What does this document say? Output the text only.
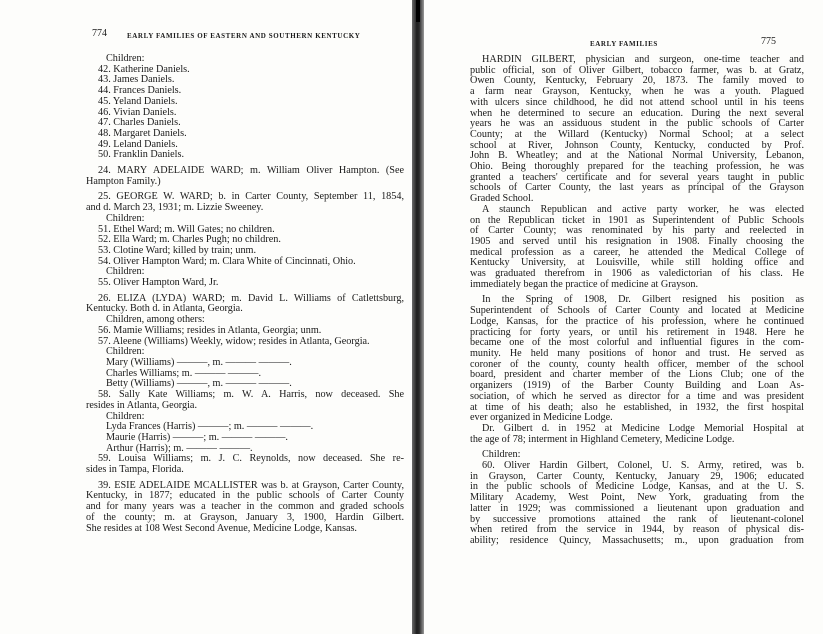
774	EARLY FAMILIES OF EASTERN AND SOUTHERN KENTUCKY
Children:
42. Katherine Daniels.
43. James Daniels.
44. Frances Daniels.
45. Yeland Daniels.
46. Vivian Daniels.
47. Charles Daniels.
48. Margaret Daniels.
49. Leland Daniels.
50. Franklin Daniels.
24. MARY ADELAIDE WARD; m. William Oliver Hampton. (See
Hampton Family.)
25. GEORGE W. WARD; b. in Carter County, September 11, 1854,
and d. March 23, 1931; m. Lizzie Sweeney.
Children:
51. Ethel Ward; m. Will Gates; no children.
52. Ella Ward; m. Charles Pugh; no children.
53. Clotine Ward; killed by train; unm.
54. Oliver Hampton Ward; m. Clara White of Cincinnati, Ohio.
Children:
55. Oliver Hampton Ward, Jr.
26. ELIZA (LYDA) WARD; m. David L. Williams of Catlettsburg,
Kentucky. Both d. in Atlanta, Georgia.
Children, among others:
56. Mamie Williams; resides in Atlanta, Georgia; unm.
57. Aleene (Williams) Weekly, widow; resides in Atlanta, Georgia.
Children:
Mary (Williams) ———, m. ——— ———.
Charles Williams; m. ——— ———.
Betty (Williams) ———, m. ——— ———.
58. Sally Kate Williams; m. W. A. Harris, now deceased. She
resides in Atlanta, Georgia.
Children:
Lyda Frances (Harris) ———; m. ——— ———.
Maurie (Harris) ———; m. ——— ———.
Arthur (Harris); m. ——— ———.
59. Louisa Williams; m. J. C. Reynolds, now deceased. She re-
sides in Tampa, Florida.
39. ESIE ADELAIDE MCALLISTER was b. at Grayson, Carter County,
Kentucky, in 1877; educated in the public schools of Carter County
and for many years was a teacher in the common and graded schools
of the county; m. at Grayson, January 3, 1900, Hardin Gilbert.
She resides at 108 West Second Avenue, Medicine Lodge, Kansas.
EARLY FAMILIES	775
HARDIN GILBERT, physician and surgeon, one-time teacher and
public official, son of Oliver Gilbert, tobacco farmer, was b. at Gratz,
Owen County, Kentucky, February 20, 1873. The family moved to
a farm near Grayson, Kentucky, when he was a youth. Plagued
with ulcers since childhood, he did not attend school until in his teens
when he determined to secure an education. During the next several
years he was an assiduous student in the public schools of Carter
County; at the Willard (Kentucky) Normal School; at a select
school at River, Johnson County, Kentucky, conducted by Prof.
John B. Wheatley; and at the National Normal University, Lebanon,
Ohio. Being thoroughly prepared for the teaching profession, he was
granted a teachers' certificate and for several years taught in public
schools of Carter County, the last years as principal of the Grayson
Graded School.
A staunch Republican and active party worker, he was elected
on the Republican ticket in 1901 as Superintendent of Public Schools
of Carter County; was renominated by his party and reelected in
1905 and served until his resignation in 1908. Finally choosing the
medical profession as a career, he attended the Medical College of
Kentucky University, at Louisville, while still holding office and
was graduated therefrom in 1906 as valedictorian of his class. He
immediately began the practice of medicine at Grayson.
In the Spring of 1908, Dr. Gilbert resigned his position as
Superintendent of Schools of Carter County and located at Medicine
Lodge, Kansas, for the practice of his profession, where he continued
practicing for forty years, or until his retirement in 1948. Here he
became one of the most colorful and influential figures in the com-
munity. He held many positions of honor and trust. He served as
coroner of the county, county health officer, member of the school
board, president and charter member of the Lions Club; one of the
organizers (1919) of the Barber County Building and Loan As-
sociation, of which he served as director for a time and was president
at time of his death; also he established, in 1932, the first hospital
ever organized in Medicine Lodge.
Dr. Gilbert d. in 1952 at Medicine Lodge Memorial Hospital at
the age of 78; interment in Highland Cemetery, Medicine Lodge.
Children:
60. Oliver Hardin Gilbert, Colonel, U. S. Army, retired, was b.
in Grayson, Carter County, Kentucky, January 29, 1906; educated
in the public schools of Medicine Lodge, Kansas, and at the U. S.
Military Academy, West Point, New York, graduating from the
latter in 1929; was commissioned a lieutenant upon graduation and
by successive promotions attained the rank of lieutenant-colonel
when retired from the service in 1944, by reason of physical dis-
ability; residence Quincy, Massachusetts; m., upon graduation from
